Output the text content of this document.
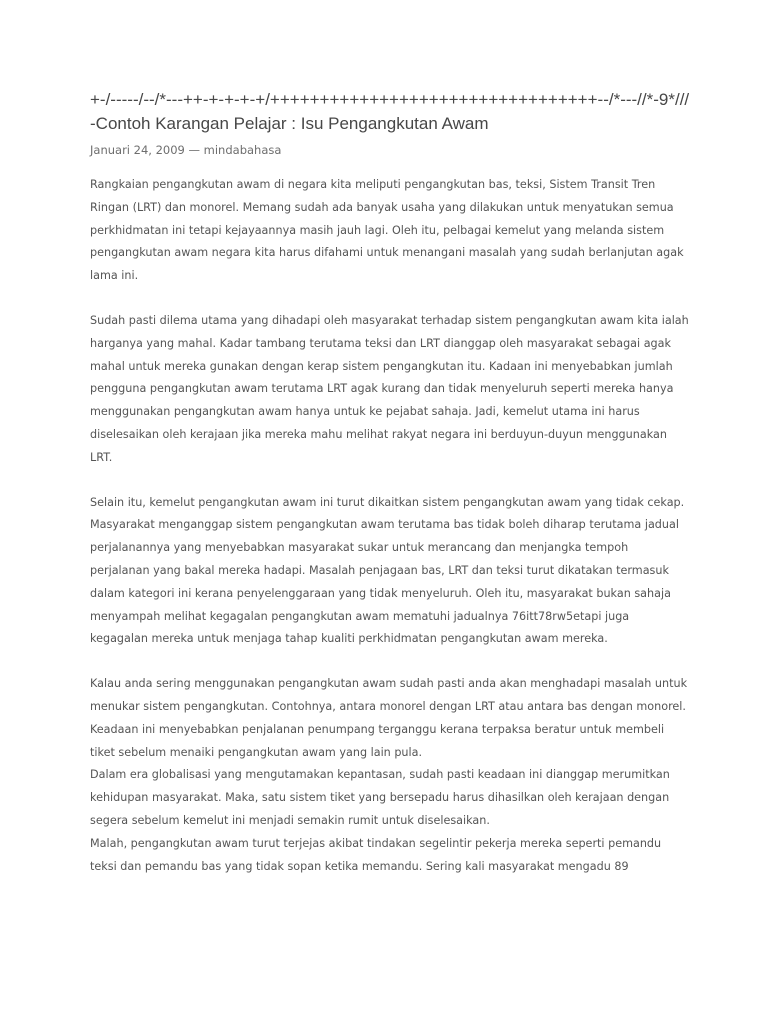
+-/-----/--/*---++-+-+-+-+/+++++++++++++++++++++++++++++++++--/*---//*-9*///-Contoh Karangan Pelajar : Isu Pengangkutan Awam
Januari 24, 2009 — mindabahasa

Rangkaian pengangkutan awam di negara kita meliputi pengangkutan bas, teksi, Sistem Transit Tren Ringan (LRT) dan monorel. Memang sudah ada banyak usaha yang dilakukan untuk menyatukan semua perkhidmatan ini tetapi kejayaannya masih jauh lagi. Oleh itu, pelbagai kemelut yang melanda sistem pengangkutan awam negara kita harus difahami untuk menangani masalah yang sudah berlanjutan agak lama ini.

Sudah pasti dilema utama yang dihadapi oleh masyarakat terhadap sistem pengangkutan awam kita ialah harganya yang mahal. Kadar tambang terutama teksi dan LRT dianggap oleh masyarakat sebagai agak mahal untuk mereka gunakan dengan kerap sistem pengangkutan itu. Kadaan ini menyebabkan jumlah pengguna pengangkutan awam terutama LRT agak kurang dan tidak menyeluruh seperti mereka hanya menggunakan pengangkutan awam hanya untuk ke pejabat sahaja. Jadi, kemelut utama ini harus diselesaikan oleh kerajaan jika mereka mahu melihat rakyat negara ini berduyun-duyun menggunakan LRT.

Selain itu, kemelut pengangkutan awam ini turut dikaitkan sistem pengangkutan awam yang tidak cekap. Masyarakat menganggap sistem pengangkutan awam terutama bas tidak boleh diharap terutama jadual perjalanannya yang menyebabkan masyarakat sukar untuk merancang dan menjangka tempoh perjalanan yang bakal mereka hadapi. Masalah penjagaan bas, LRT dan teksi turut dikatakan termasuk dalam kategori ini kerana penyelenggaraan yang tidak menyeluruh. Oleh itu, masyarakat bukan sahaja menyampah melihat kegagalan pengangkutan awam mematuhi jadualnya 76itt78rw5etapi juga kegagalan mereka untuk menjaga tahap kualiti perkhidmatan pengangkutan awam mereka.

Kalau anda sering menggunakan pengangkutan awam sudah pasti anda akan menghadapi masalah untuk menukar sistem pengangkutan. Contohnya, antara monorel dengan LRT atau antara bas dengan monorel. Keadaan ini menyebabkan penjalanan penumpang terganggu kerana terpaksa beratur untuk membeli tiket sebelum menaiki pengangkutan awam yang lain pula.

Dalam era globalisasi yang mengutamakan kepantasan, sudah pasti keadaan ini dianggap merumitkan kehidupan masyarakat. Maka, satu sistem tiket yang bersepadu harus dihasilkan oleh kerajaan dengan segera sebelum kemelut ini menjadi semakin rumit untuk diselesaikan.

Malah, pengangkutan awam turut terjejas akibat tindakan segelintir pekerja mereka seperti pemandu teksi dan pemandu bas yang tidak sopan ketika memandu. Sering kali masyarakat mengadu 89
